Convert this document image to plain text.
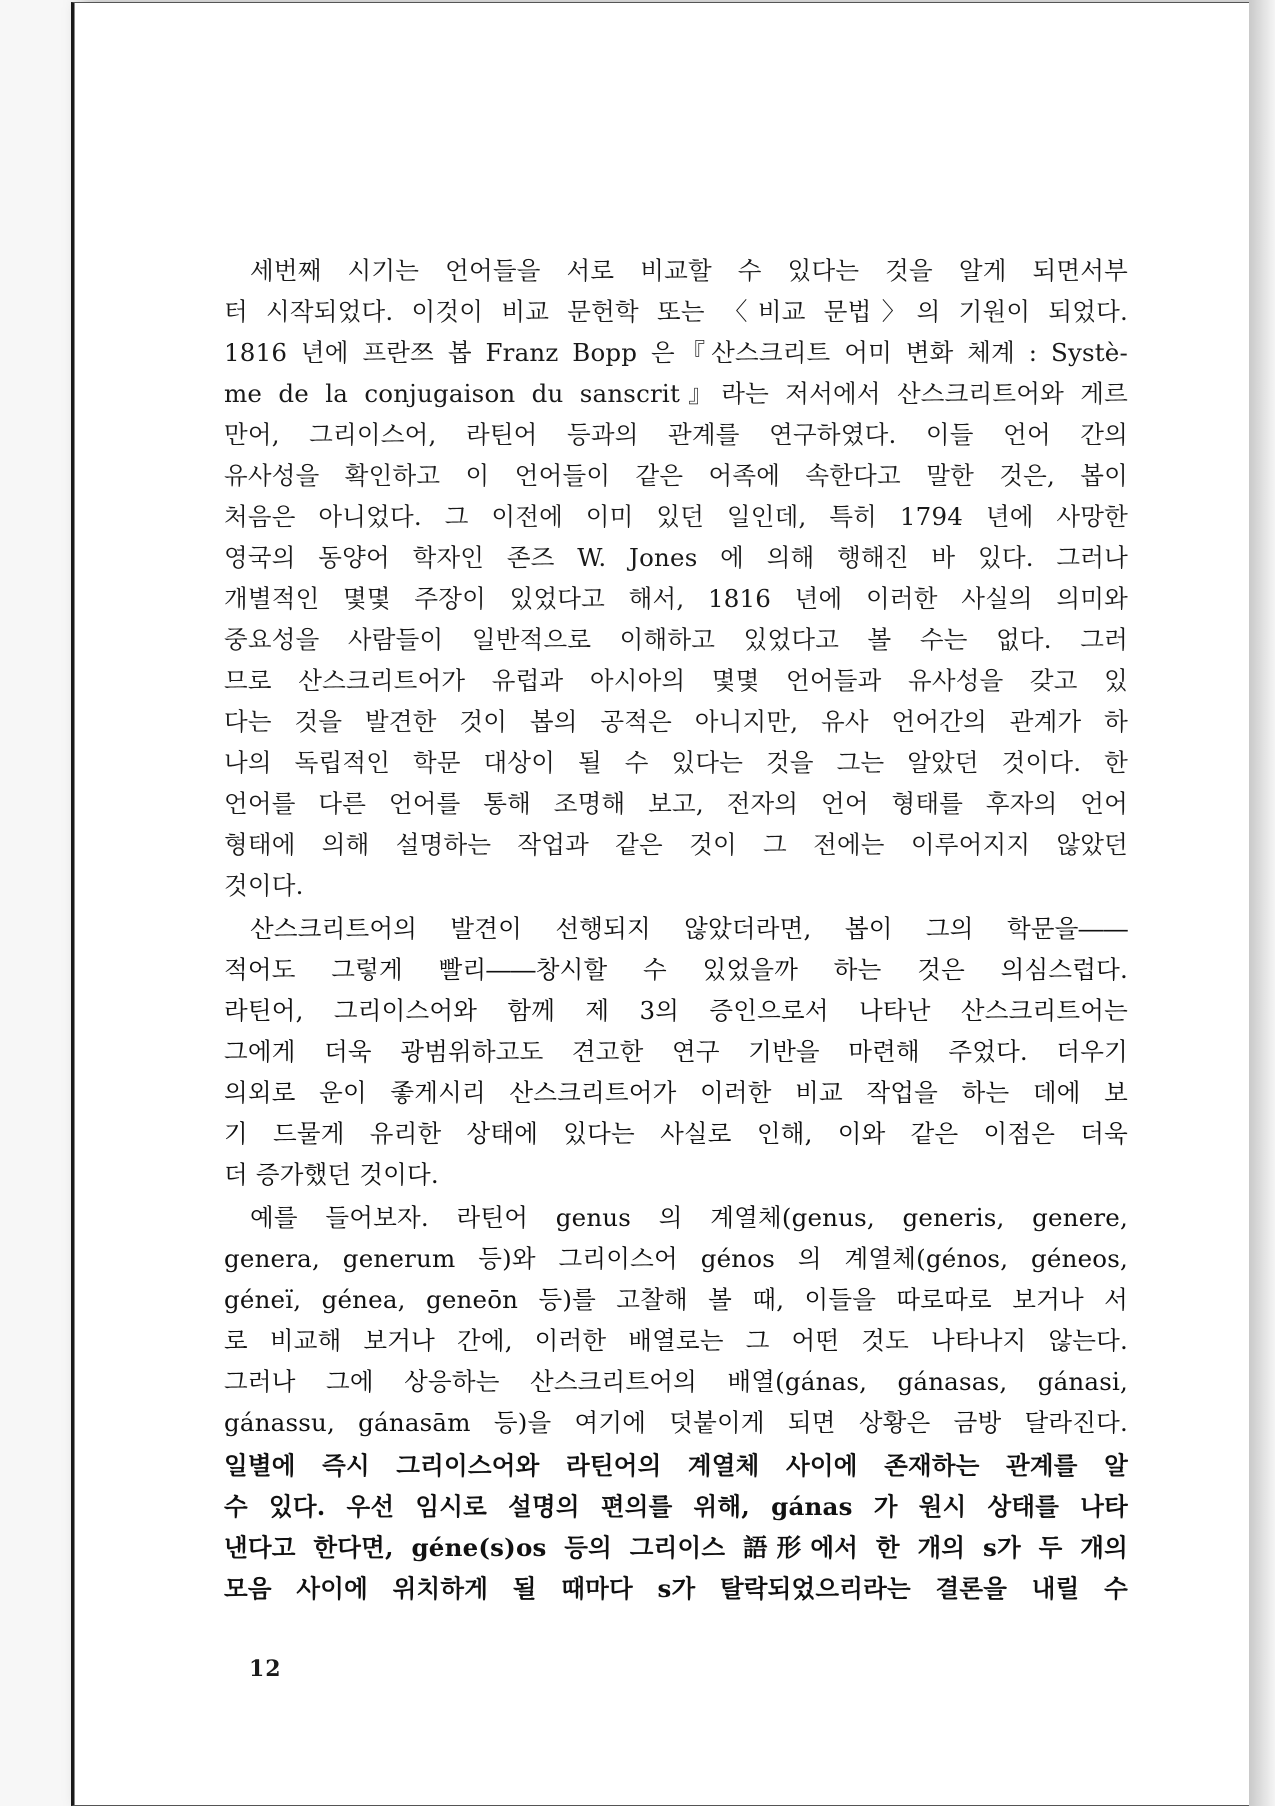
세번째 시기는 언어들을 서로 비교할 수 있다는 것을 알게 되면서부
터 시작되었다. 이것이 비교 문헌학 또는 〈비교 문법〉의 기원이 되었다.
1816 년에 프란쯔 봅 Franz Bopp 은『산스크리트 어미 변화 체계 : Systè-
me de la conjugaison du sanscrit』라는 저서에서 산스크리트어와 게르
만어, 그리이스어, 라틴어 등과의 관계를 연구하였다. 이들 언어 간의
유사성을 확인하고 이 언어들이 같은 어족에 속한다고 말한 것은, 봅이
처음은 아니었다. 그 이전에 이미 있던 일인데, 특히 1794 년에 사망한
영국의 동양어 학자인 존즈 W. Jones 에 의해 행해진 바 있다. 그러나
개별적인 몇몇 주장이 있었다고 해서, 1816 년에 이러한 사실의 의미와
중요성을 사람들이 일반적으로 이해하고 있었다고 볼 수는 없다. 그러
므로 산스크리트어가 유럽과 아시아의 몇몇 언어들과 유사성을 갖고 있
다는 것을 발견한 것이 봅의 공적은 아니지만, 유사 언어간의 관계가 하
나의 독립적인 학문 대상이 될 수 있다는 것을 그는 알았던 것이다. 한
언어를 다른 언어를 통해 조명해 보고, 전자의 언어 형태를 후자의 언어
형태에 의해 설명하는 작업과 같은 것이 그 전에는 이루어지지 않았던
것이다.
산스크리트어의 발견이 선행되지 않았더라면, 봅이 그의 학문을――
적어도 그렇게 빨리――창시할 수 있었을까 하는 것은 의심스럽다.
라틴어, 그리이스어와 함께 제 3의 증인으로서 나타난 산스크리트어는
그에게 더욱 광범위하고도 견고한 연구 기반을 마련해 주었다. 더우기
의외로 운이 좋게시리 산스크리트어가 이러한 비교 작업을 하는 데에 보
기 드물게 유리한 상태에 있다는 사실로 인해, 이와 같은 이점은 더욱
더 증가했던 것이다.
예를 들어보자. 라틴어 genus 의 계열체(genus, generis, genere,
genera, generum 등)와 그리이스어 génos 의 계열체(génos, géneos,
géneï, génea, geneōn 등)를 고찰해 볼 때, 이들을 따로따로 보거나 서
로 비교해 보거나 간에, 이러한 배열로는 그 어떤 것도 나타나지 않는다.
그러나 그에 상응하는 산스크리트어의 배열(gánas, gánasas, gánasi,
gánassu, gánasām 등)을 여기에 덧붙이게 되면 상황은 금방 달라진다.
일별에 즉시 그리이스어와 라틴어의 계열체 사이에 존재하는 관계를 알
수 있다. 우선 임시로 설명의 편의를 위해, gánas 가 원시 상태를 나타
낸다고 한다면, géne(s)os 등의 그리이스 語形에서 한 개의 s가 두 개의
모음 사이에 위치하게 될 때마다 s가 탈락되었으리라는 결론을 내릴 수
12
